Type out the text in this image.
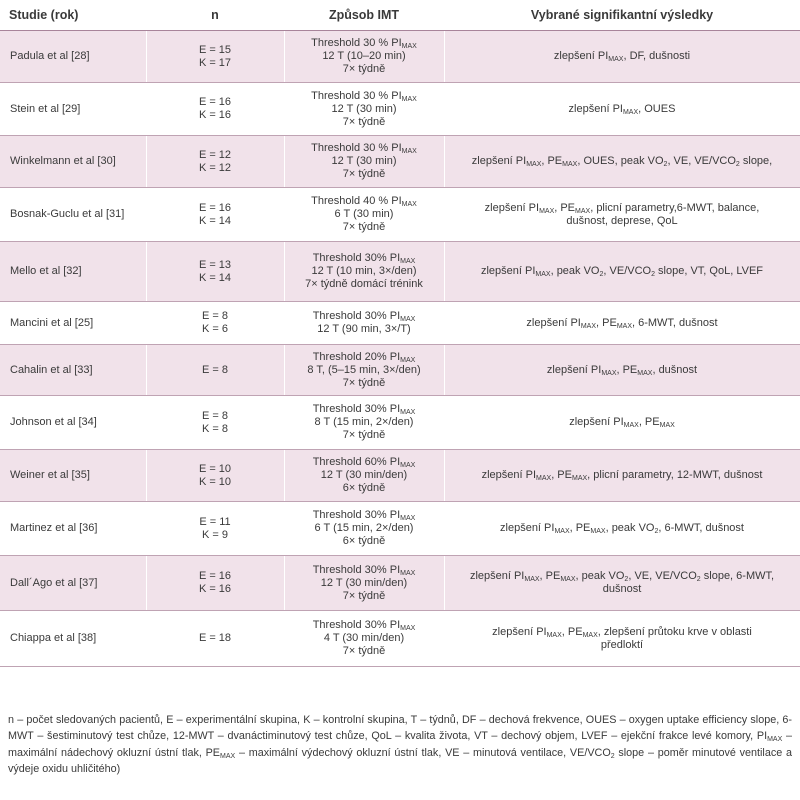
Studie (rok)	n	Způsob IMT	Vybrané signifikantní výsledky

Padula et al [28]	E = 15
K = 17	Threshold 30 % $PI_{MAX}$
12 T (10–20 min)
7× týdně	zlepšení $PI_{MAX}$, DF, dušnosti

Stein et al [29]	E = 16
K = 16	Threshold 30 % $PI_{MAX}$
12 T (30 min)
7× týdně	zlepšení $PI_{MAX}$, OUES

Winkelmann et al [30]	E = 12
K = 12	Threshold 30 % $PI_{MAX}$
12 T (30 min)
7× týdně	zlepšení $PI_{MAX}$, $PE_{MAX}$, OUES, peak $VO_2$, VE, $VE/VCO_2$ slope,

Bosnak-Guclu et al [31]	E = 16
K = 14	Threshold 40 % $PI_{MAX}$
6 T (30 min)
7× týdně	zlepšení $PI_{MAX}$, $PE_{MAX}$, plicní parametry,6-MWT, balance,
dušnost, deprese, QoL

Mello et al [32]	E = 13
K = 14	Threshold 30% $PI_{MAX}$
12 T (10 min, 3×/den)
7× týdně domácí trénink	zlepšení $PI_{MAX}$, peak $VO_2$, $VE/VCO_2$ slope, VT, QoL, LVEF

Mancini et al [25]	E = 8
K = 6	Threshold 30% $PI_{MAX}$
12 T (90 min, 3×/T)	zlepšení $PI_{MAX}$, $PE_{MAX}$, 6-MWT, dušnost

Cahalin et al [33]	E = 8	Threshold 20% $PI_{MAX}$
8 T, (5–15 min, 3×/den)
7× týdně	zlepšení $PI_{MAX}$, $PE_{MAX}$, dušnost

Johnson et al [34]	E = 8
K = 8	Threshold 30% $PI_{MAX}$
8 T (15 min, 2×/den)
7× týdně	zlepšení $PI_{MAX}$, $PE_{MAX}$

Weiner et al [35]	E = 10
K = 10	Threshold 60% $PI_{MAX}$
12 T (30 min/den)
6× týdně	zlepšení $PI_{MAX}$, $PE_{MAX}$, plicní parametry, 12-MWT, dušnost

Martinez et al [36]	E = 11
K = 9	Threshold 30% $PI_{MAX}$
6 T (15 min, 2×/den)
6× týdně	zlepšení $PI_{MAX}$, $PE_{MAX}$, peak $VO_2$, 6-MWT, dušnost

Dall´Ago et al [37]	E = 16
K = 16	Threshold 30% $PI_{MAX}$
12 T (30 min/den)
7× týdně	zlepšení $PI_{MAX}$, $PE_{MAX}$, peak $VO_2$, VE, $VE/VCO_2$ slope, 6-MWT,
dušnost

Chiappa et al [38]	E = 18	Threshold 30% $PI_{MAX}$
4 T (30 min/den)
7× týdně	zlepšení $PI_{MAX}$, $PE_{MAX}$, zlepšení průtoku krve v oblasti
předloktí
n – počet sledovaných pacientů, E – experimentální skupina, K – kontrolní skupina, T – týdnů, DF – dechová frekvence, OUES – oxygen uptake efficiency slope, 6-MWT – šestiminutový test chůze, 12-MWT – dvanáctiminutový test chůze, QoL – kvalita života, VT – dechový objem, LVEF – ejekční frakce levé komory, $PI_{MAX}$ – maximální nádechový okluzní ústní tlak, $PE_{MAX}$ – maximální výdechový okluzní ústní tlak, VE – minutová ventilace, $VE/VCO_2$ slope – poměr minutové ventilace a výdeje oxidu uhličitého)
